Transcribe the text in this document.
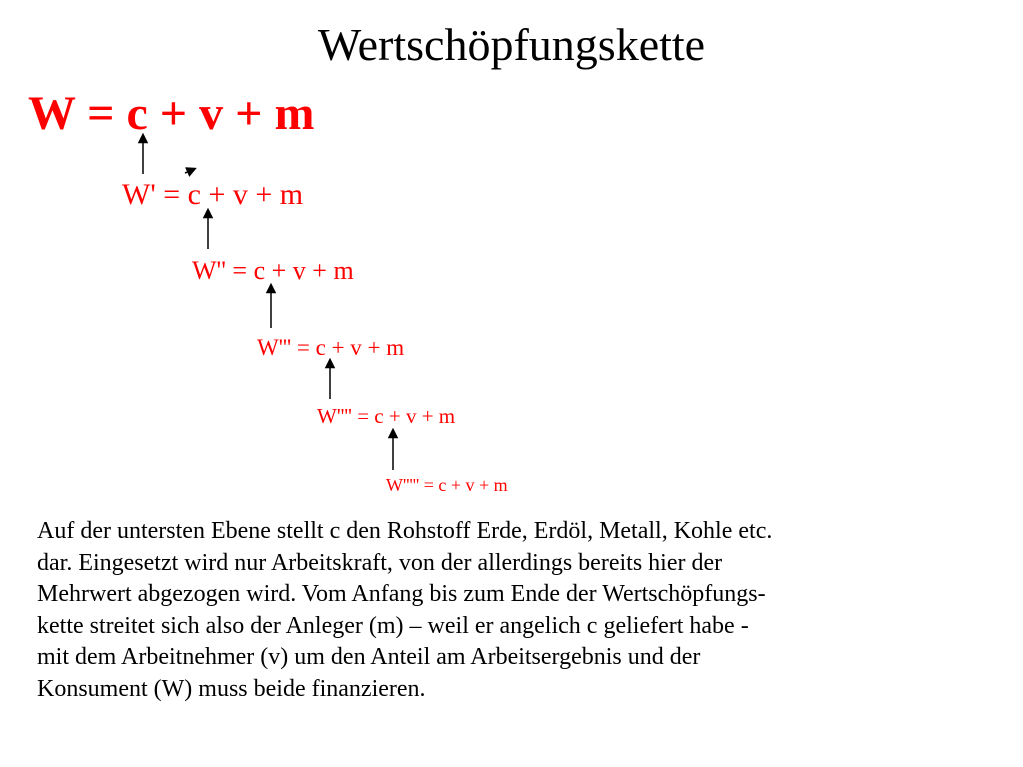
Wertschöpfungskette
W = c + v + m
W' = c + v + m
W'' = c + v + m
W''' = c + v + m
W'''' = c + v + m
W''''' = c + v + m
Auf der untersten Ebene stellt c den Rohstoff Erde, Erdöl, Metall, Kohle etc.
dar. Eingesetzt wird nur Arbeitskraft, von der allerdings bereits hier der
Mehrwert abgezogen wird. Vom Anfang bis zum Ende der Wertschöpfungs-
kette streitet sich also der Anleger (m) – weil er angelich c geliefert habe -
mit dem Arbeitnehmer (v) um den Anteil am Arbeitsergebnis und der
Konsument (W) muss beide finanzieren.
